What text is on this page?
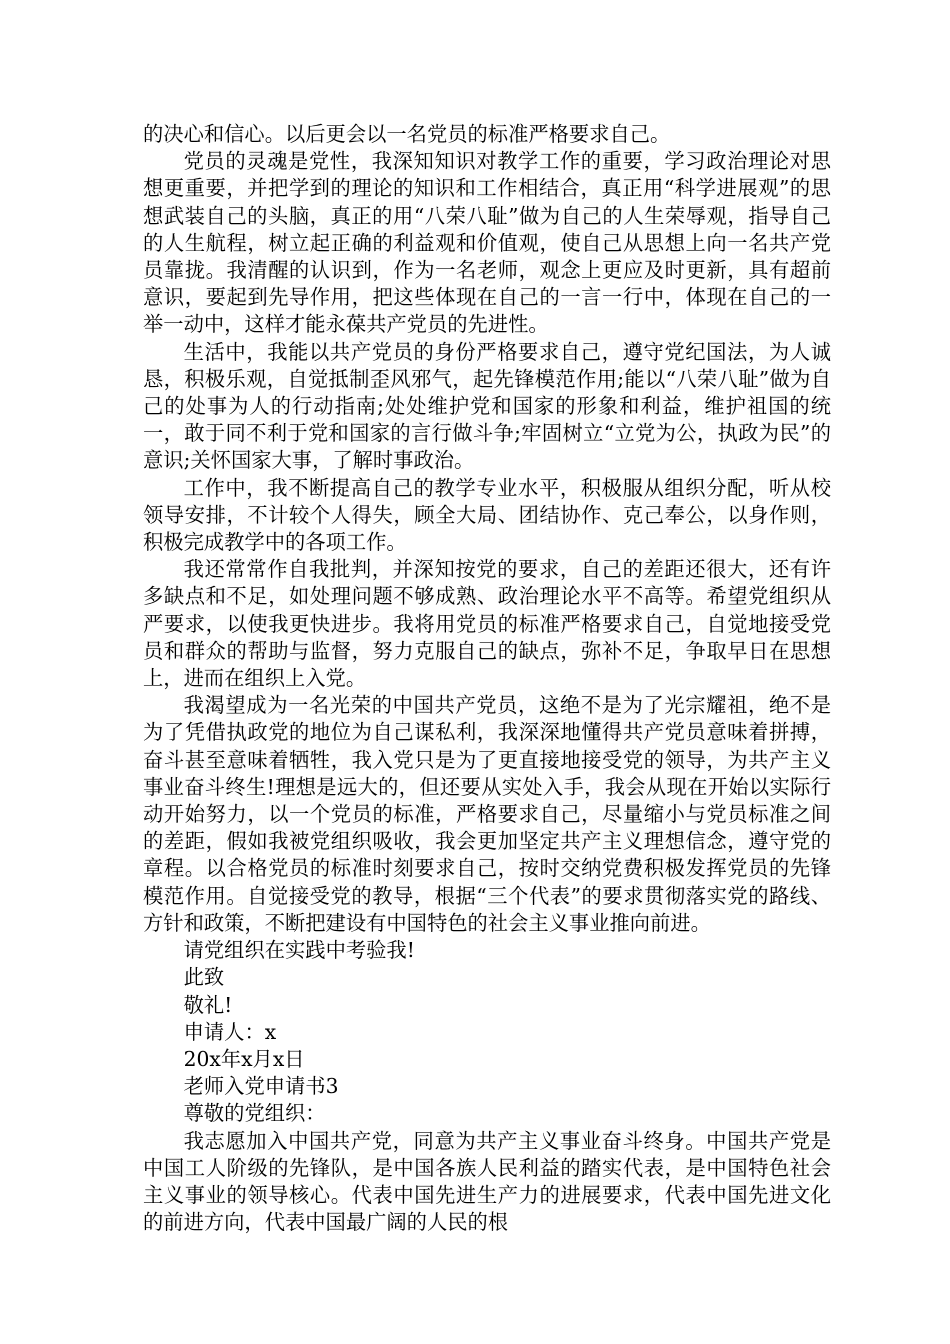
的决心和信心。以后更会以一名党员的标准严格要求自己。

党员的灵魂是党性，我深知知识对教学工作的重要，学习政治理论对思想更重要，并把学到的理论的知识和工作相结合，真正用“科学进展观”的思想武装自己的头脑，真正的用“八荣八耻”做为自己的人生荣辱观，指导自己的人生航程，树立起正确的利益观和价值观，使自己从思想上向一名共产党员靠拢。我清醒的认识到，作为一名老师，观念上更应及时更新，具有超前意识，要起到先导作用，把这些体现在自己的一言一行中，体现在自己的一举一动中，这样才能永葆共产党员的先进性。

生活中，我能以共产党员的身份严格要求自己，遵守党纪国法，为人诚恳，积极乐观，自觉抵制歪风邪气，起先锋模范作用;能以“八荣八耻”做为自己的处事为人的行动指南;处处维护党和国家的形象和利益，维护祖国的统一，敢于同不利于党和国家的言行做斗争;牢固树立“立党为公，执政为民”的意识;关怀国家大事，了解时事政治。

工作中，我不断提高自己的教学专业水平，积极服从组织分配，听从校领导安排，不计较个人得失，顾全大局、团结协作、克己奉公，以身作则，积极完成教学中的各项工作。

我还常常作自我批判，并深知按党的要求，自己的差距还很大，还有许多缺点和不足，如处理问题不够成熟、政治理论水平不高等。希望党组织从严要求，以使我更快进步。我将用党员的标准严格要求自己，自觉地接受党员和群众的帮助与监督，努力克服自己的缺点，弥补不足，争取早日在思想上，进而在组织上入党。

我渴望成为一名光荣的中国共产党员，这绝不是为了光宗耀祖，绝不是为了凭借执政党的地位为自己谋私利，我深深地懂得共产党员意味着拼搏，奋斗甚至意味着牺牲，我入党只是为了更直接地接受党的领导，为共产主义事业奋斗终生!理想是远大的，但还要从实处入手，我会从现在开始以实际行动开始努力，以一个党员的标准，严格要求自己，尽量缩小与党员标准之间的差距，假如我被党组织吸收，我会更加坚定共产主义理想信念，遵守党的章程。以合格党员的标准时刻要求自己，按时交纳党费积极发挥党员的先锋模范作用。自觉接受党的教导，根据“三个代表”的要求贯彻落实党的路线、方针和政策，不断把建设有中国特色的社会主义事业推向前进。

请党组织在实践中考验我!

此致

敬礼!

申请人：x

20x年x月x日

老师入党申请书3

尊敬的党组织：

我志愿加入中国共产党，同意为共产主义事业奋斗终身。中国共产党是中国工人阶级的先锋队，是中国各族人民利益的踏实代表，是中国特色社会主义事业的领导核心。代表中国先进生产力的进展要求，代表中国先进文化的前进方向，代表中国最广阔的人民的根
